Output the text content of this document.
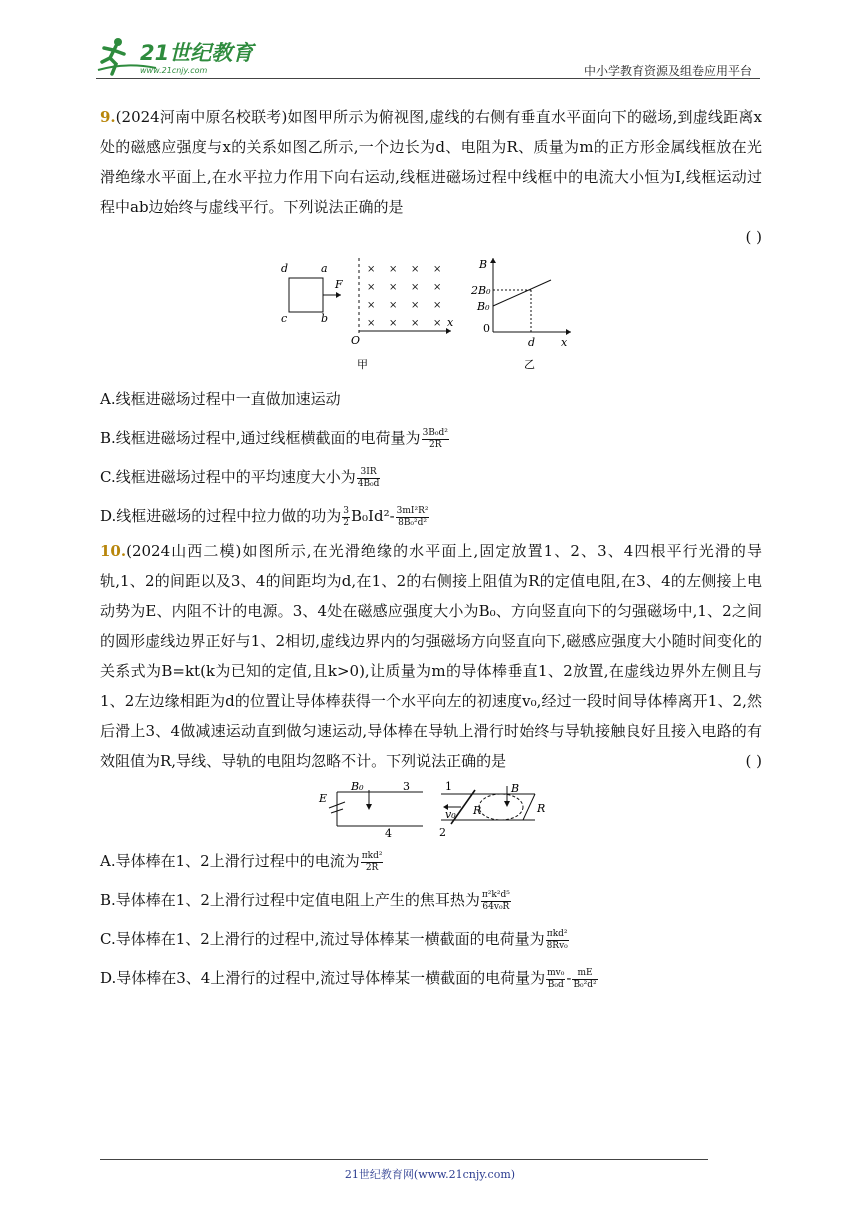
21世纪教育
www.21cnjy.com	中小学教育资源及组卷应用平台

9.(2024河南中原名校联考)如图甲所示为俯视图,虚线的右侧有垂直水平面向下的磁场,到虚线距离x处的磁感应强度与x的关系如图乙所示,一个边长为d、电阻为R、质量为m的正方形金属线框放在光滑绝缘水平面上,在水平拉力作用下向右运动,线框进磁场过程中线框中的电流大小恒为I,线框运动过程中ab边始终与虚线平行。下列说法正确的是

( )

d	a
c	b
F
O
x
× × × ×
× × × ×
× × × ×
× × × ×
甲
B
2B₀
B₀
0
d x
乙
A.线框进磁场过程中一直做加速运动
B.线框进磁场过程中,通过线框横截面的电荷量为 $\frac{\text{3B₀d²}}{2R}$
C.线框进磁场过程中的平均速度大小为 $\frac{3IR}{\text{4B₀d}}$
D.线框进磁场的过程中拉力做的功为 $\frac{3}{2} B_0Id^2- \frac{\text{3mI²R²}}{\text{8B₀²d²}}$

10.(2024山西二模)如图所示,在光滑绝缘的水平面上,固定放置1、2、3、4四根平行光滑的导轨,1、2的间距以及3、4的间距均为d,在1、2的右侧接上阻值为R的定值电阻,在3、4的左侧接上电动势为E、内阻不计的电源。3、4处在磁感应强度大小为B₀、方向竖直向下的匀强磁场中,1、2之间的圆形虚线边界正好与1、2相切,虚线边界内的匀强磁场方向竖直向下,磁感应强度大小随时间变化的关系式为B=kt(k为已知的定值,且k>0),让质量为m的导体棒垂直1、2放置,在虚线边界外左侧且与1、2左边缘相距为d的位置让导体棒获得一个水平向左的初速度v₀,经过一段时间导体棒离开1、2,然后滑上3、4做减速运动直到做匀速运动,导体棒在导轨上滑行时始终与导轨接触良好且接入电路的有效阻值为R,导线、导轨的电阻均忽略不计。下列说法正确的是	( )

E
B₀	3
4
B
1
2
v₀ R	R
A.导体棒在1、2上滑行过程中的电流为 $\frac{\text{πkd²}}{2R}$
B.导体棒在1、2上滑行过程中定值电阻上产生的焦耳热为 $\frac{\text{π²k²d⁵}}{\text{64v₀R}}$
C.导体棒在1、2上滑行的过程中,流过导体棒某一横截面的电荷量为 $\frac{\text{πkd²}}{\text{8Rv₀}}$
D.导体棒在3、4上滑行的过程中,流过导体棒某一横截面的电荷量为 $\frac{\text{mv₀}}{\text{B₀d}} - \frac{mE}{\text{B₀²d²}}$
21世纪教育网(www.21cnjy.com)
